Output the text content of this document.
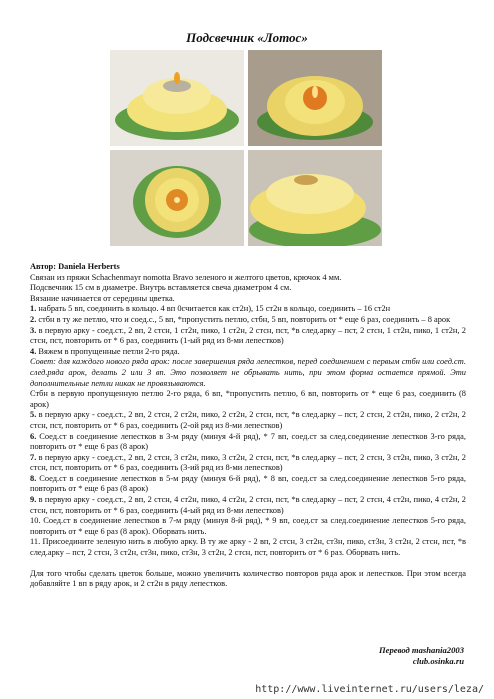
Подсвечник «Лотос»

Автор: Daniela Herberts

Связан из пряжи Schachenmayr nomotta Bravo зеленого и желтого цветов, крючок 4 мм.

Подсвечник 15 см в диаметре. Внутрь вставляется свеча диаметром 4 см.

Вязание начинается от середины цветка.

1. набрать 5 вп, соединить в кольцо. 4 вп 0считается как ст2н), 15 ст2н в кольцо, соединить – 16 ст2н

2. стбн в ту же петлю, что и соед.с., 5 вп, *пропустить петлю, стбн, 5 вп, повторить от * еще 6 раз, соединить – 8 арок

3. в первую арку - соед.ст., 2 вп, 2 стсн, 1 ст2н, пико, 1 ст2н, 2 стсн, пст, *в след.арку – пст, 2 стсн, 1 ст2н, пико, 1 ст2н, 2 стсн, пст, повторить от * 6 раз, соединить (1-ый ряд из 8-ми лепестков)

4. Вяжем в пропущенные петли 2-го ряда.

Совет: для каждого нового ряда арок: после завершения ряда лепестков, перед соединением с первым стбн или соед.ст. след.ряда арок, делать 2 или 3 вп. Это позволяет не обрывать нить, при этом форма остается прямой. Эти дополнительные петли никак не провязываются.

Стбн в первую пропущенную петлю 2-го ряда, 6 вп, *пропустить петлю, 6 вп, повторить от * еще 6 раз, соединить (8 арок)

5. в первую арку - соед.ст., 2 вп, 2 стсн, 2 ст2н, пико, 2 ст2н, 2 стсн, пст, *в след.арку – пст, 2 стсн, 2 ст2н, пико, 2 ст2н, 2 стсн, пст, повторить от * 6 раз, соединить (2-ой ряд из 8-ми лепестков)

6. Соед.ст в соединение лепестков в 3-м ряду (минуя 4-й ряд), * 7 вп, соед.ст за след.соединение лепестков 3-го ряда, повторить от * еще 6 раз (8 арок)

7. в первую арку - соед.ст., 2 вп, 2 стсн, 3 ст2н, пико, 3 ст2н, 2 стсн, пст, *в след.арку – пст, 2 стсн, 3 ст2н, пико, 3 ст2н, 2 стсн, пст, повторить от * 6 раз, соединить (3-ий ряд из 8-ми лепестков)

8. Соед.ст в соединение лепестков в 5-м ряду (минуя 6-й ряд), * 8 вп, соед.ст за след.соединение лепестков 5-го ряда, повторить от * еще 6 раз (8 арок)

9. в первую арку - соед.ст., 2 вп, 2 стсн, 4 ст2н, пико, 4 ст2н, 2 стсн, пст, *в след.арку – пст, 2 стсн, 4 ст2н, пико, 4 ст2н, 2 стсн, пст, повторить от * 6 раз, соединить (4-ый ряд из 8-ми лепестков)

10. Соед.ст в соединение лепестков в 7-м ряду (минуя 8-й ряд), * 9 вп, соед.ст за след.соединение лепестков 5-го ряда, повторить от * еще 6 раз (8 арок). Оборвать нить.

11. Присоедините зеленую нить в любую арку. В ту же арку - 2 вп, 2 стсн, 3 ст2н, ст3н, пико, ст3н, 3 ст2н, 2 стсн, пст, *в след.арку – пст, 2 стсн, 3 ст2н, ст3н, пико, ст3н, 3 ст2н, 2 стсн, пст, повторить от * 6 раз. Оборвать нить.

Для того чтобы сделать цветок больше, можно увеличить количество повторов ряда арок и лепестков. При этом всегда добавляйте 1 вп в ряду арок, и 2 ст2н в ряду лепестков.

Перевод mashania2003
club.osinka.ru
http://www.liveinternet.ru/users/leza/
